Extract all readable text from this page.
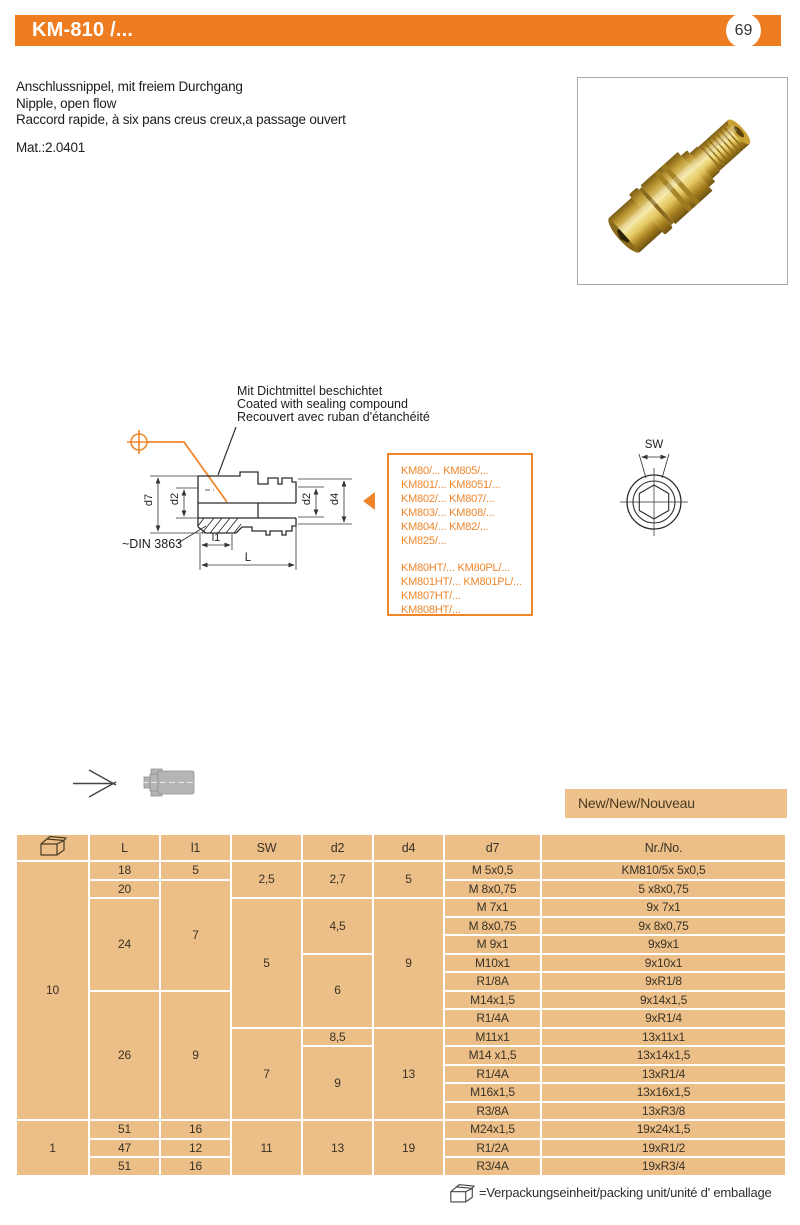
KM-810 /...	69
Anschlussnippel, mit freiem Durchgang
Nipple, open flow
Raccord rapide, à six pans creus creux,a passage ouvert
Mat.:2.0401
Mit Dichtmittel beschichtet
Coated with sealing compound
Recouvert avec ruban d'étanchéité
d7 d2	d2 d4
l1
L
~DIN 3863
SW
KM80/... KM805/...
KM801/... KM8051/...
KM802/... KM807/...
KM803/... KM808/...
KM804/... KM82/...
KM825/...
KM80HT/... KM80PL/...
KM801HT/... KM801PL/...
KM807HT/...
KM808HT/...
New/New/Nouveau
	L	l1	SW	d2	d4	d7	Nr./No.
10	18	5	2,5	2,7	5	M 5x0,5	KM810/5x 5x0,5
	20	7				M 8x0,75	5 x8x0,75
	24		5	4,5	9	M 7x1	9x 7x1
						M 8x0,75	9x 8x0,75
						M 9x1	9x9x1
				6		M10x1	9x10x1
						R1/8A	9xR1/8
	26	9				M14x1,5	9x14x1,5
						R1/4A	9xR1/4
			7	8,5	13	M11x1	13x11x1
				9		M14 x1,5	13x14x1,5
						R1/4A	13xR1/4
						M16x1,5	13x16x1,5
						R3/8A	13xR3/8
1	51	16	11	13	19	M24x1,5	19x24x1,5
	47	12				R1/2A	19xR1/2
	51	16				R3/4A	19xR3/4
=Verpackungseinheit/packing unit/unité d' emballage
